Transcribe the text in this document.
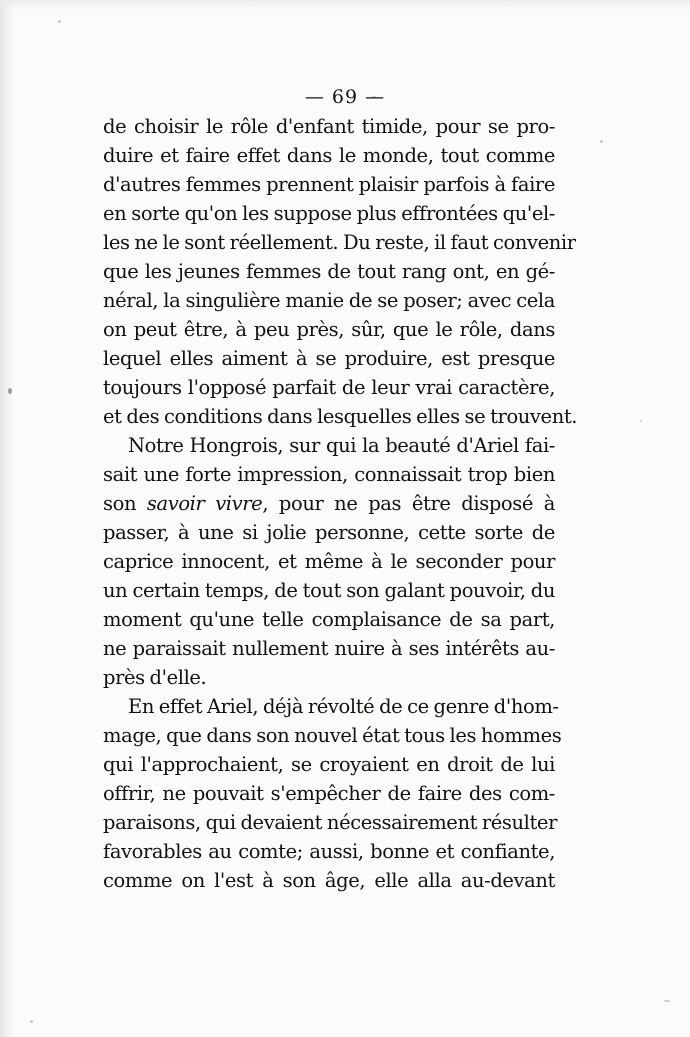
— 69 —
de choisir le rôle d'enfant timide, pour se pro-
duire et faire effet dans le monde, tout comme
d'autres femmes prennent plaisir parfois à faire
en sorte qu'on les suppose plus effrontées qu'el-
les ne le sont réellement. Du reste, il faut convenir
que les jeunes femmes de tout rang ont, en gé-
néral, la singulière manie de se poser; avec cela
on peut être, à peu près, sûr, que le rôle, dans
lequel elles aiment à se produire, est presque
toujours l'opposé parfait de leur vrai caractère,
et des conditions dans lesquelles elles se trouvent.
Notre Hongrois, sur qui la beauté d'Ariel fai-
sait une forte impression, connaissait trop bien
son savoir vivre, pour ne pas être disposé à
passer, à une si jolie personne, cette sorte de
caprice innocent, et même à le seconder pour
un certain temps, de tout son galant pouvoir, du
moment qu'une telle complaisance de sa part,
ne paraissait nullement nuire à ses intérêts au-
près d'elle.
En effet Ariel, déjà révolté de ce genre d'hom-
mage, que dans son nouvel état tous les hommes
qui l'approchaient, se croyaient en droit de lui
offrir, ne pouvait s'empêcher de faire des com-
paraisons, qui devaient nécessairement résulter
favorables au comte; aussi, bonne et confiante,
comme on l'est à son âge, elle alla au-devant
